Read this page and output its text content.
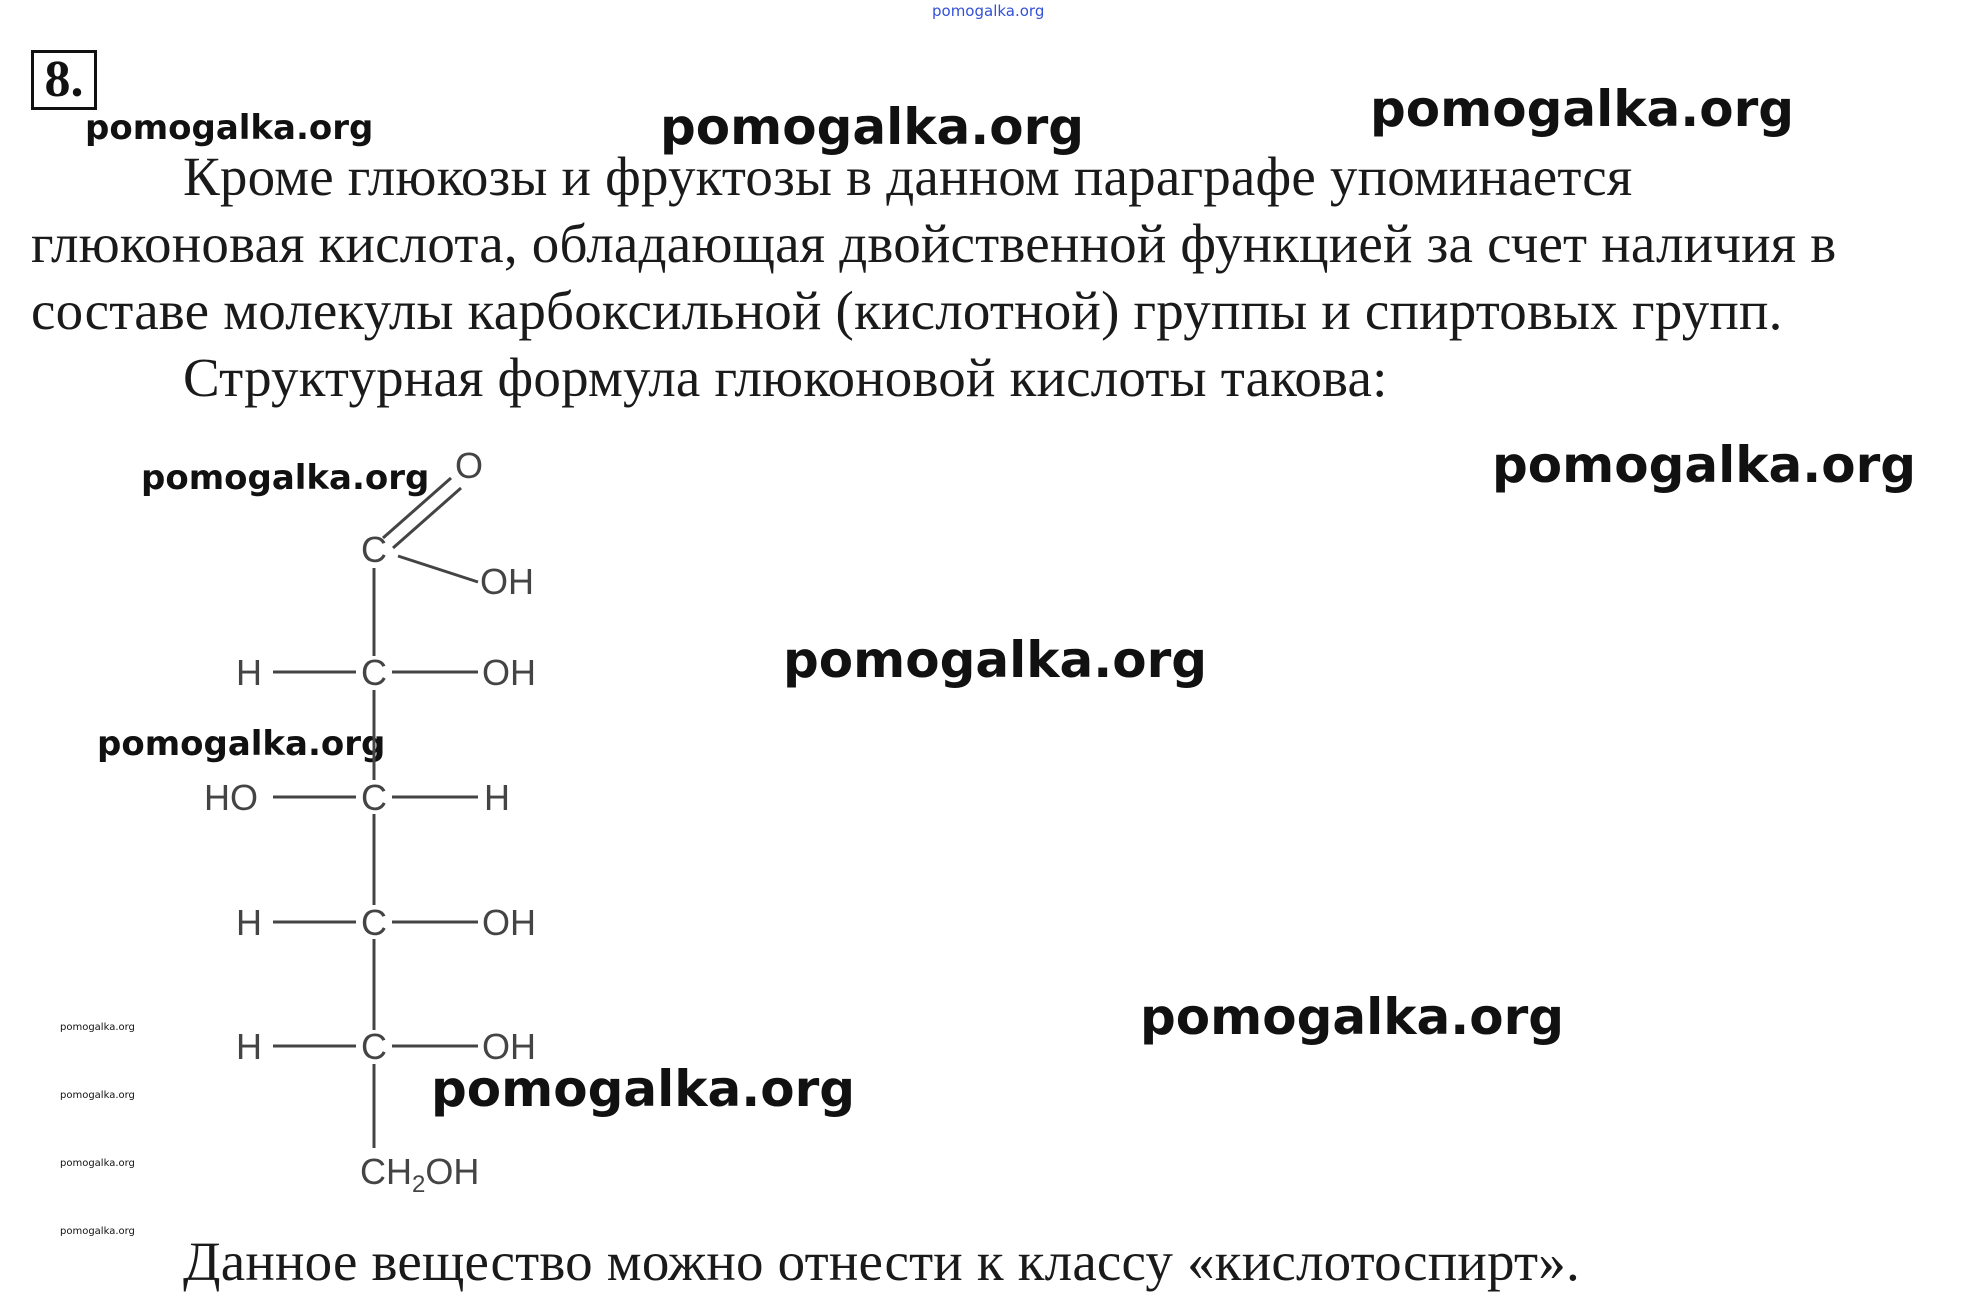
pomogalka.org
8.
pomogalka.org	pomogalka.org	pomogalka.org
Кроме глюкозы и фруктозы в данном параграфе упоминается
глюконовая кислота, обладающая двойственной функцией за счет наличия в
составе молекулы карбоксильной (кислотной) группы и спиртовых групп.
Структурная формула глюконовой кислоты такова:
pomogalka.org	pomogalka.org
pomogalka.org
pomogalka.org
pomogalka.org
pomogalka.org
pomogalka.org
pomogalka.org
pomogalka.org
pomogalka.org
O
C
OH
H	C	OH
HO	C	H
H	C	OH
H	C	OH
$CH_2OH$
Данное вещество можно отнести к классу «кислотоспирт».
